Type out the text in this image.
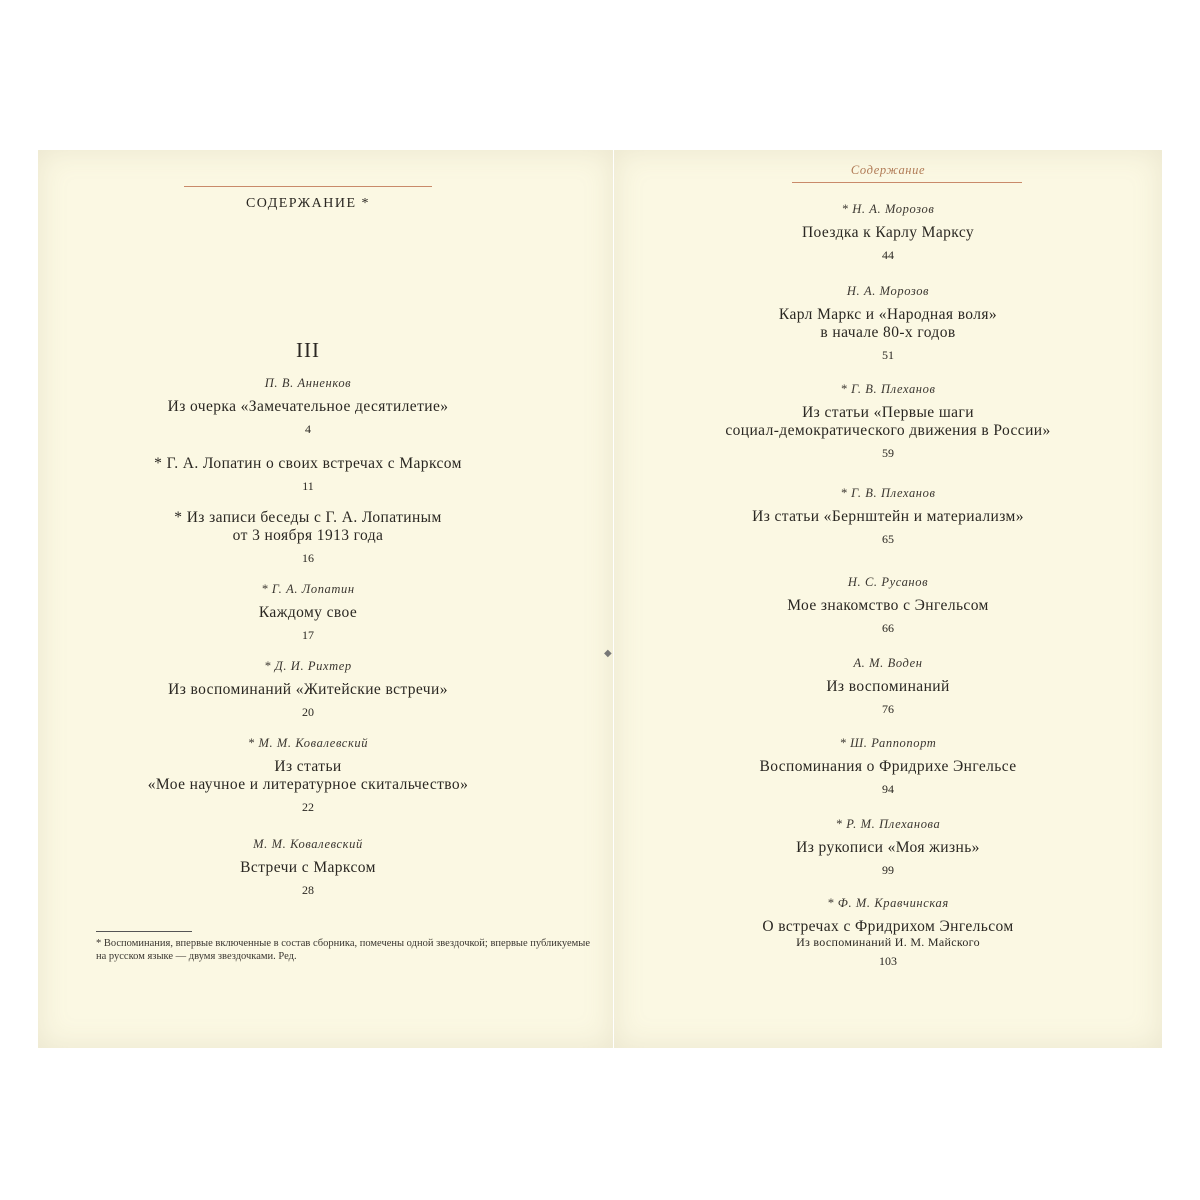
СОДЕРЖАНИЕ *
III
П. В. Анненков
Из очерка «Замечательное десятилетие»
4
* Г. А. Лопатин о своих встречах с Марксом
11
* Из записи беседы с Г. А. Лопатиным
от 3 ноября 1913 года
16
* Г. А. Лопатин
Каждому свое
17
* Д. И. Рихтер
Из воспоминаний «Житейские встречи»
20
* М. М. Ковалевский
Из статьи
«Мое научное и литературное скитальчество»
22
М. М. Ковалевский
Встречи с Марксом
28
* Воспоминания, впервые включенные в состав сборника, помечены одной звездочкой; впервые публикуемые на русском языке — двумя звездочками. Ред.
◆
Содержание
* Н. А. Морозов
Поездка к Карлу Марксу
44
Н. А. Морозов
Карл Маркс и «Народная воля»
в начале 80-х годов
51
* Г. В. Плеханов
Из статьи «Первые шаги
социал-демократического движения в России»
59
* Г. В. Плеханов
Из статьи «Бернштейн и материализм»
65
Н. С. Русанов
Мое знакомство с Энгельсом
66
А. М. Воден
Из воспоминаний
76
* Ш. Раппопорт
Воспоминания о Фридрихе Энгельсе
94
* Р. М. Плеханова
Из рукописи «Моя жизнь»
99
* Ф. М. Кравчинская
О встречах с Фридрихом Энгельсом
Из воспоминаний И. М. Майского
103
